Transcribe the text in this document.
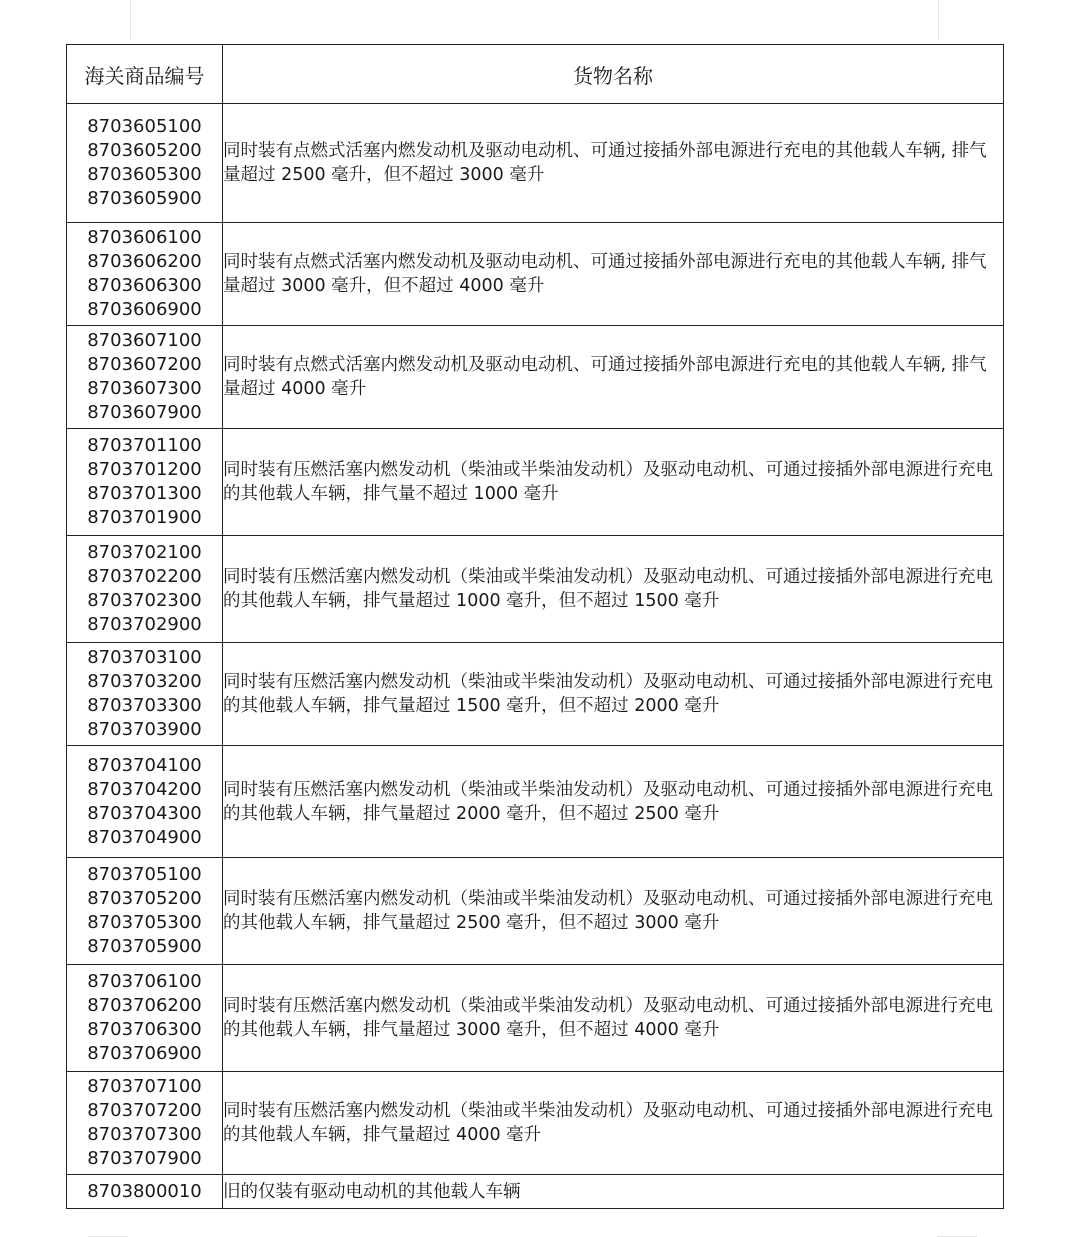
海关商品编号	货物名称

8703605100
8703605200
8703605300
8703605900	同时装有点燃式活塞内燃发动机及驱动电动机、可通过接插外部电源进行充电的其他载人车辆, 排气量超过 2500 毫升，但不超过 3000 毫升

8703606100
8703606200
8703606300
8703606900	同时装有点燃式活塞内燃发动机及驱动电动机、可通过接插外部电源进行充电的其他载人车辆, 排气量超过 3000 毫升，但不超过 4000 毫升

8703607100
8703607200
8703607300
8703607900	同时装有点燃式活塞内燃发动机及驱动电动机、可通过接插外部电源进行充电的其他载人车辆, 排气量超过 4000 毫升

8703701100
8703701200
8703701300
8703701900	同时装有压燃活塞内燃发动机（柴油或半柴油发动机）及驱动电动机、可通过接插外部电源进行充电的其他载人车辆，排气量不超过 1000 毫升

8703702100
8703702200
8703702300
8703702900	同时装有压燃活塞内燃发动机（柴油或半柴油发动机）及驱动电动机、可通过接插外部电源进行充电的其他载人车辆，排气量超过 1000 毫升，但不超过 1500 毫升

8703703100
8703703200
8703703300
8703703900	同时装有压燃活塞内燃发动机（柴油或半柴油发动机）及驱动电动机、可通过接插外部电源进行充电的其他载人车辆，排气量超过 1500 毫升，但不超过 2000 毫升

8703704100
8703704200
8703704300
8703704900	同时装有压燃活塞内燃发动机（柴油或半柴油发动机）及驱动电动机、可通过接插外部电源进行充电的其他载人车辆，排气量超过 2000 毫升，但不超过 2500 毫升

8703705100
8703705200
8703705300
8703705900	同时装有压燃活塞内燃发动机（柴油或半柴油发动机）及驱动电动机、可通过接插外部电源进行充电的其他载人车辆，排气量超过 2500 毫升，但不超过 3000 毫升

8703706100
8703706200
8703706300
8703706900	同时装有压燃活塞内燃发动机（柴油或半柴油发动机）及驱动电动机、可通过接插外部电源进行充电的其他载人车辆，排气量超过 3000 毫升，但不超过 4000 毫升

8703707100
8703707200
8703707300
8703707900	同时装有压燃活塞内燃发动机（柴油或半柴油发动机）及驱动电动机、可通过接插外部电源进行充电的其他载人车辆，排气量超过 4000 毫升

8703800010	旧的仅装有驱动电动机的其他载人车辆
